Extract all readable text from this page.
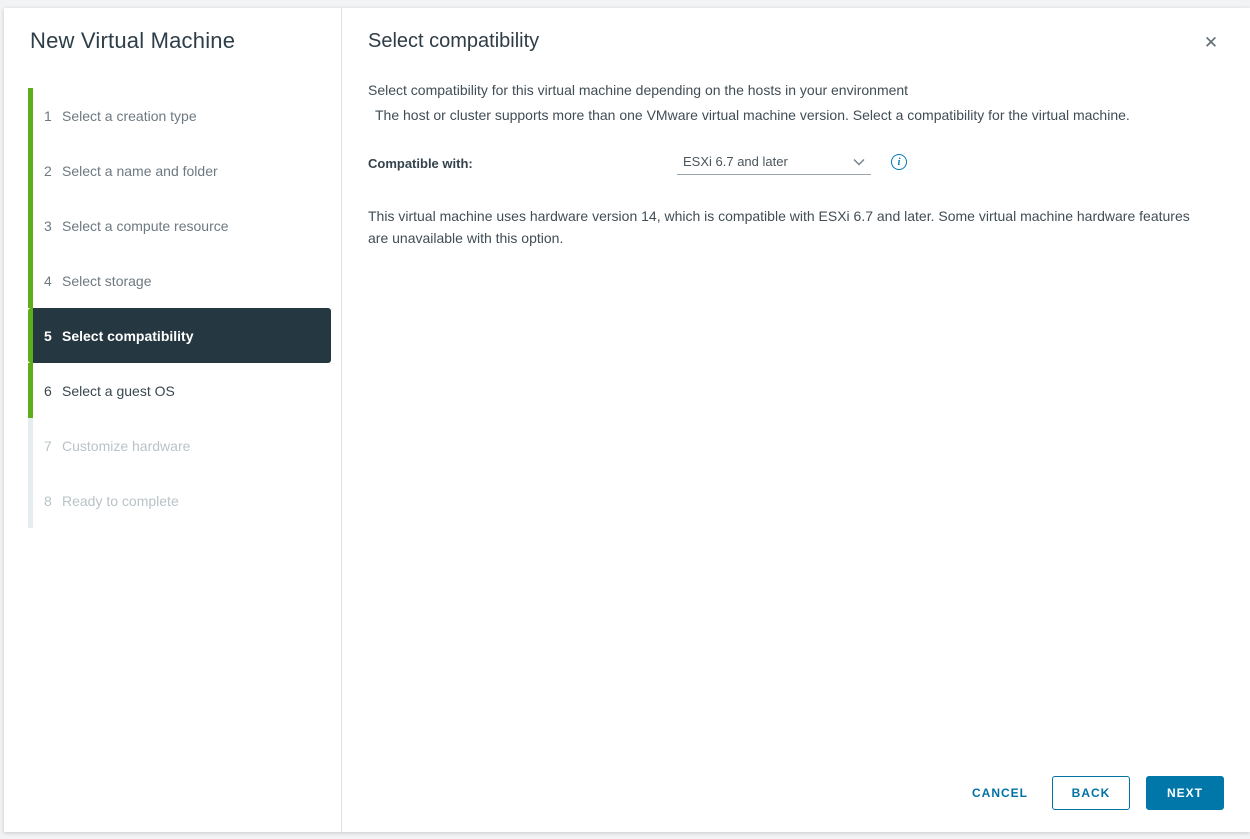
New Virtual Machine
1 Select a creation type
2 Select a name and folder
3 Select a compute resource
4 Select storage
5 Select compatibility
6 Select a guest OS
7 Customize hardware
8 Ready to complete
Select compatibility	✕

Select compatibility for this virtual machine depending on the hosts in your environment

The host or cluster supports more than one VMware virtual machine version. Select a compatibility for the virtual machine.

Compatible with:	ESXi 6.7 and later	i

This virtual machine uses hardware version 14, which is compatible with ESXi 6.7 and later. Some virtual machine hardware features are unavailable with this option.

CANCEL	BACK	NEXT
